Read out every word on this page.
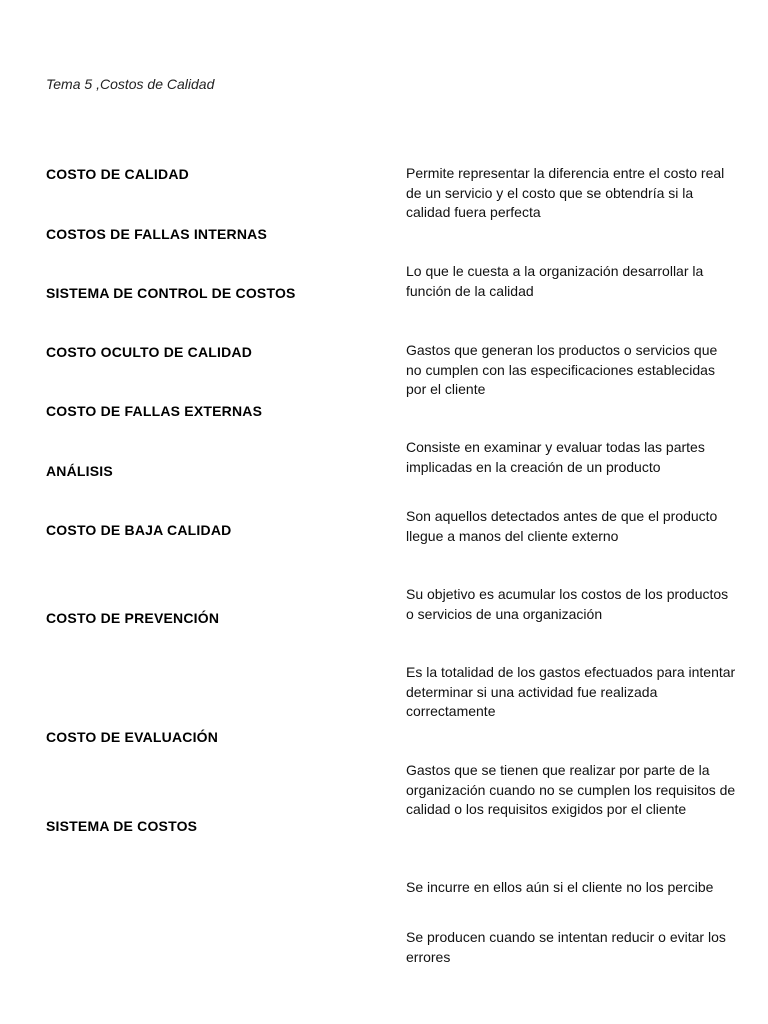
Tema 5 ,Costos de Calidad
COSTO DE CALIDAD
COSTOS DE FALLAS INTERNAS
SISTEMA DE CONTROL DE COSTOS
COSTO OCULTO DE CALIDAD
COSTO DE FALLAS EXTERNAS
ANÁLISIS
COSTO DE BAJA CALIDAD
COSTO DE PREVENCIÓN
COSTO DE EVALUACIÓN
SISTEMA DE COSTOS
Permite representar la diferencia entre el costo real de un servicio y el costo que se obtendría si la calidad fuera perfecta
Lo que le cuesta a la organización desarrollar la función de la calidad
Gastos que generan los productos o servicios que no cumplen con las especificaciones establecidas por el cliente
Consiste en examinar y evaluar todas las partes implicadas en la creación de un producto
Son aquellos detectados antes de que el producto llegue a manos del cliente externo
Su objetivo es acumular los costos de los productos o servicios de una organización
Es la totalidad de los gastos efectuados para intentar determinar si una actividad fue realizada correctamente
Gastos que se tienen que realizar por parte de la organización cuando no se cumplen los requisitos de calidad o los requisitos exigidos por el cliente
Se incurre en ellos aún si el cliente no los percibe
Se producen cuando se intentan reducir o evitar los errores
